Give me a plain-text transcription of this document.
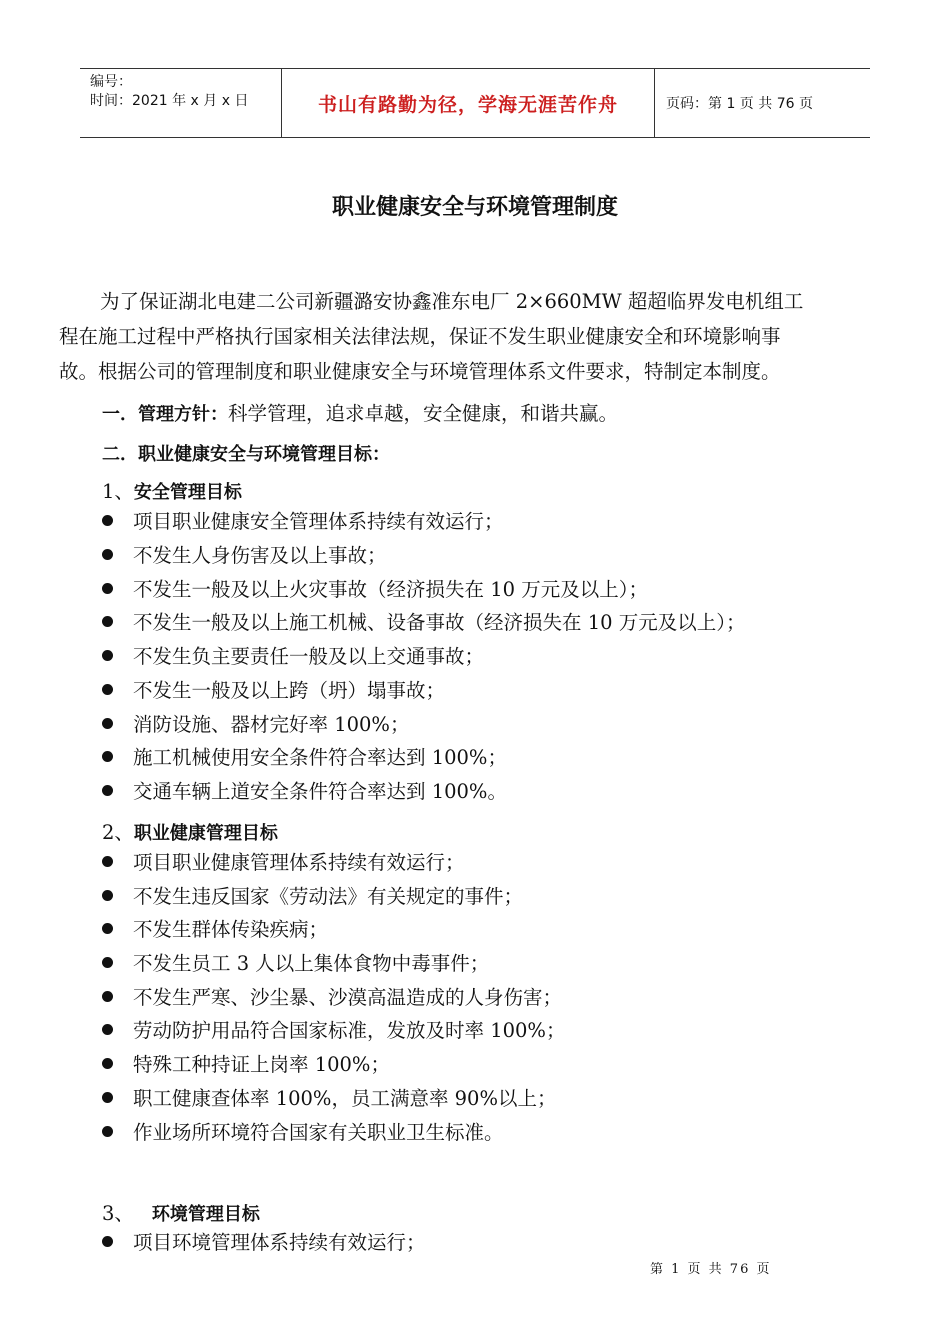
编号：
时间：2021 年 x 月 x 日	书山有路勤为径，学海无涯苦作舟	页码：第 1 页 共 76 页
职业健康安全与环境管理制度
为了保证湖北电建二公司新疆潞安协鑫准东电厂 2×660MW 超超临界发电机组工
程在施工过程中严格执行国家相关法律法规，保证不发生职业健康安全和环境影响事
故。根据公司的管理制度和职业健康安全与环境管理体系文件要求，特制定本制度。
一．管理方针：科学管理，追求卓越，安全健康，和谐共赢。
二．职业健康安全与环境管理目标：
1、安全管理目标
项目职业健康安全管理体系持续有效运行；
不发生人身伤害及以上事故；
不发生一般及以上火灾事故（经济损失在 10 万元及以上）；
不发生一般及以上施工机械、设备事故（经济损失在 10 万元及以上）；
不发生负主要责任一般及以上交通事故；
不发生一般及以上跨（坍）塌事故；
消防设施、器材完好率 100%；
施工机械使用安全条件符合率达到 100%；
交通车辆上道安全条件符合率达到 100%。
2、职业健康管理目标
项目职业健康管理体系持续有效运行；
不发生违反国家《劳动法》有关规定的事件；
不发生群体传染疾病；
不发生员工 3 人以上集体食物中毒事件；
不发生严寒、沙尘暴、沙漠高温造成的人身伤害；
劳动防护用品符合国家标准，发放及时率 100%；
特殊工种持证上岗率 100%；
职工健康查体率 100%，员工满意率 90%以上；
作业场所环境符合国家有关职业卫生标准。
3、 环境管理目标
项目环境管理体系持续有效运行；
第 1 页 共 76 页
